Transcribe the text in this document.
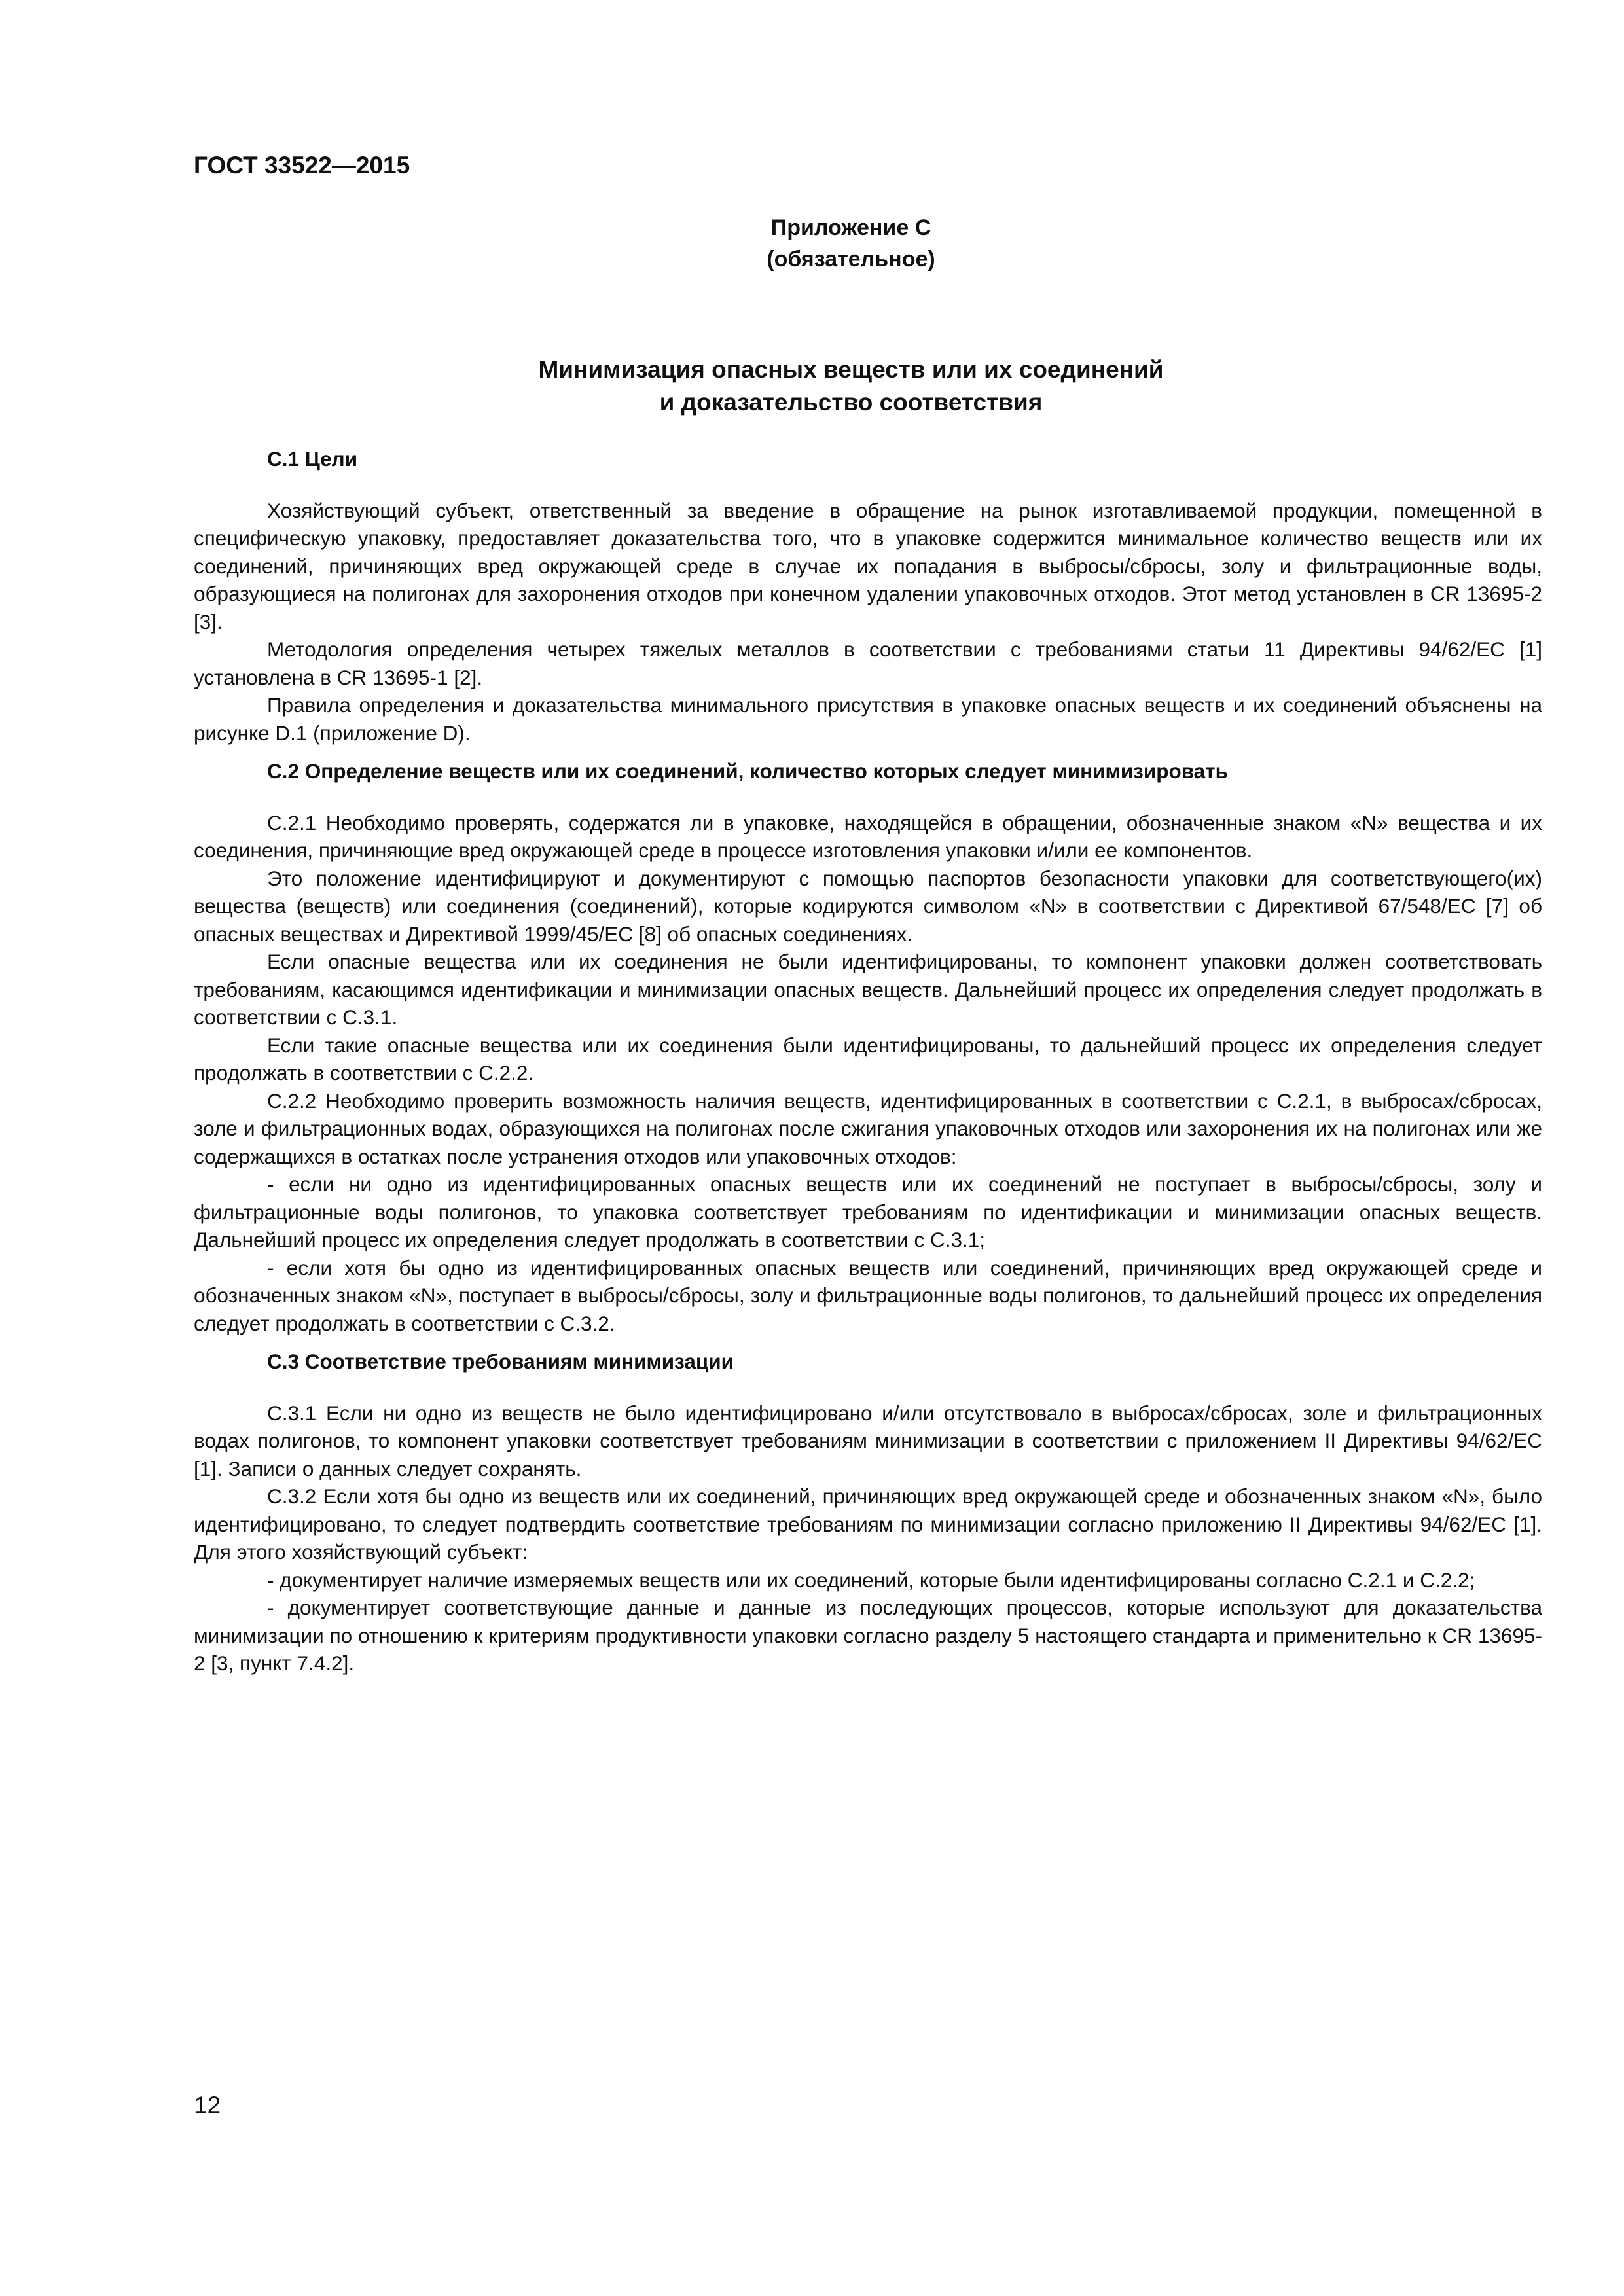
ГОСТ 33522—2015
Приложение С
(обязательное)
Минимизация опасных веществ или их соединений
и доказательство соответствия

С.1 Цели

Хозяйствующий субъект, ответственный за введение в обращение на рынок изготавливаемой продукции, помещенной в специфическую упаковку, предоставляет доказательства того, что в упаковке содержится минимальное количество веществ или их соединений, причиняющих вред окружающей среде в случае их попадания в выбросы/сбросы, золу и фильтрационные воды, образующиеся на полигонах для захоронения отходов при конечном удалении упаковочных отходов. Этот метод установлен в CR 13695-2 [3].

Методология определения четырех тяжелых металлов в соответствии с требованиями статьи 11 Директивы 94/62/ЕС [1] установлена в CR 13695-1 [2].

Правила определения и доказательства минимального присутствия в упаковке опасных веществ и их соединений объяснены на рисунке D.1 (приложение D).

С.2 Определение веществ или их соединений, количество которых следует минимизировать

С.2.1 Необходимо проверять, содержатся ли в упаковке, находящейся в обращении, обозначенные знаком «N» вещества и их соединения, причиняющие вред окружающей среде в процессе изготовления упаковки и/или ее компонентов.

Это положение идентифицируют и документируют с помощью паспортов безопасности упаковки для соответствующего(их) вещества (веществ) или соединения (соединений), которые кодируются символом «N» в соответствии с Директивой 67/548/ЕС [7] об опасных веществах и Директивой 1999/45/ЕС [8] об опасных соединениях.

Если опасные вещества или их соединения не были идентифицированы, то компонент упаковки должен соответствовать требованиям, касающимся идентификации и минимизации опасных веществ. Дальнейший процесс их определения следует продолжать в соответствии с С.3.1.

Если такие опасные вещества или их соединения были идентифицированы, то дальнейший процесс их определения следует продолжать в соответствии с С.2.2.

С.2.2 Необходимо проверить возможность наличия веществ, идентифицированных в соответствии с С.2.1, в выбросах/сбросах, золе и фильтрационных водах, образующихся на полигонах после сжигания упаковочных отходов или захоронения их на полигонах или же содержащихся в остатках после устранения отходов или упаковочных отходов:

- если ни одно из идентифицированных опасных веществ или их соединений не поступает в выбросы/сбросы, золу и фильтрационные воды полигонов, то упаковка соответствует требованиям по идентификации и минимизации опасных веществ. Дальнейший процесс их определения следует продолжать в соответствии с С.3.1;

- если хотя бы одно из идентифицированных опасных веществ или соединений, причиняющих вред окружающей среде и обозначенных знаком «N», поступает в выбросы/сбросы, золу и фильтрационные воды полигонов, то дальнейший процесс их определения следует продолжать в соответствии с С.3.2.

С.3 Соответствие требованиям минимизации

С.3.1 Если ни одно из веществ не было идентифицировано и/или отсутствовало в выбросах/сбросах, золе и фильтрационных водах полигонов, то компонент упаковки соответствует требованиям минимизации в соответствии с приложением II Директивы 94/62/ЕС [1]. Записи о данных следует сохранять.

С.3.2 Если хотя бы одно из веществ или их соединений, причиняющих вред окружающей среде и обозначенных знаком «N», было идентифицировано, то следует подтвердить соответствие требованиям по минимизации согласно приложению II Директивы 94/62/ЕС [1]. Для этого хозяйствующий субъект:

- документирует наличие измеряемых веществ или их соединений, которые были идентифицированы согласно С.2.1 и С.2.2;

- документирует соответствующие данные и данные из последующих процессов, которые используют для доказательства минимизации по отношению к критериям продуктивности упаковки согласно разделу 5 настоящего стандарта и применительно к CR 13695-2 [3, пункт 7.4.2].

12
